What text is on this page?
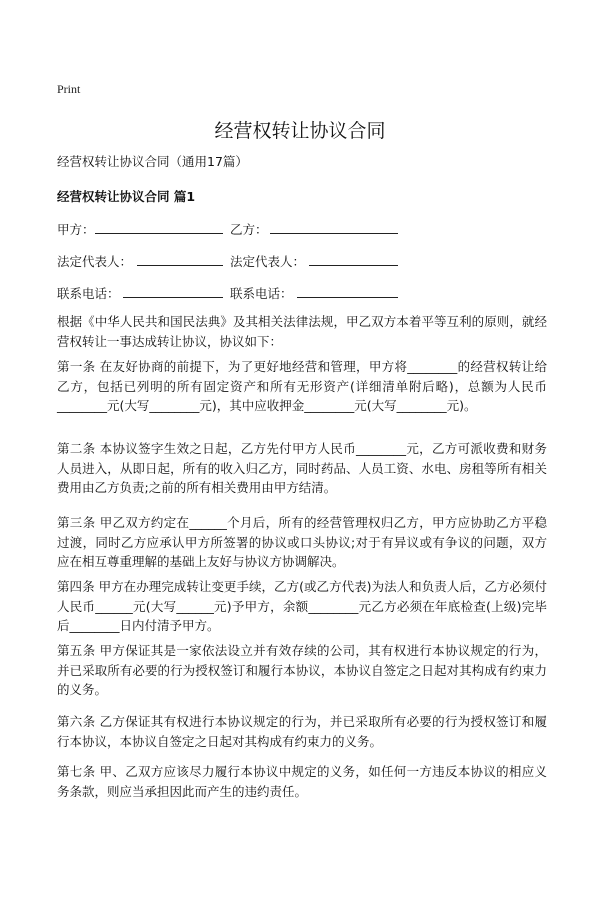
Print
经营权转让协议合同

经营权转让协议合同（通用17篇）

经营权转让协议合同 篇1

甲方：	乙方：
法定代表人：	法定代表人：
联系电话：	联系电话：

根据《中华人民共和国民法典》及其相关法律法规，甲乙双方本着平等互利的原则，就经营权转让一事达成转让协议，协议如下：

第一条 在友好协商的前提下，为了更好地经营和管理，甲方将________的经营权转让给乙方，包括已列明的所有固定资产和所有无形资产(详细清单附后略)，总额为人民币________元(大写________元)，其中应收押金________元(大写________元)。

第二条 本协议签字生效之日起，乙方先付甲方人民币________元，乙方可派收费和财务人员进入，从即日起，所有的收入归乙方，同时药品、人员工资、水电、房租等所有相关费用由乙方负责;之前的所有相关费用由甲方结清。

第三条 甲乙双方约定在______个月后，所有的经营管理权归乙方，甲方应协助乙方平稳过渡，同时乙方应承认甲方所签署的协议或口头协议;对于有异议或有争议的问题，双方应在相互尊重理解的基础上友好与协议方协调解决。

第四条 甲方在办理完成转让变更手续，乙方(或乙方代表)为法人和负责人后，乙方必须付人民币______元(大写______元)予甲方，余额________元乙方必须在年底检查(上级)完毕后________日内付清予甲方。

第五条 甲方保证其是一家依法设立并有效存续的公司，其有权进行本协议规定的行为，并已采取所有必要的行为授权签订和履行本协议，本协议自签定之日起对其构成有约束力的义务。

第六条 乙方保证其有权进行本协议规定的行为，并已采取所有必要的行为授权签订和履行本协议，本协议自签定之日起对其构成有约束力的义务。

第七条 甲、乙双方应该尽力履行本协议中规定的义务，如任何一方违反本协议的相应义务条款，则应当承担因此而产生的违约责任。
